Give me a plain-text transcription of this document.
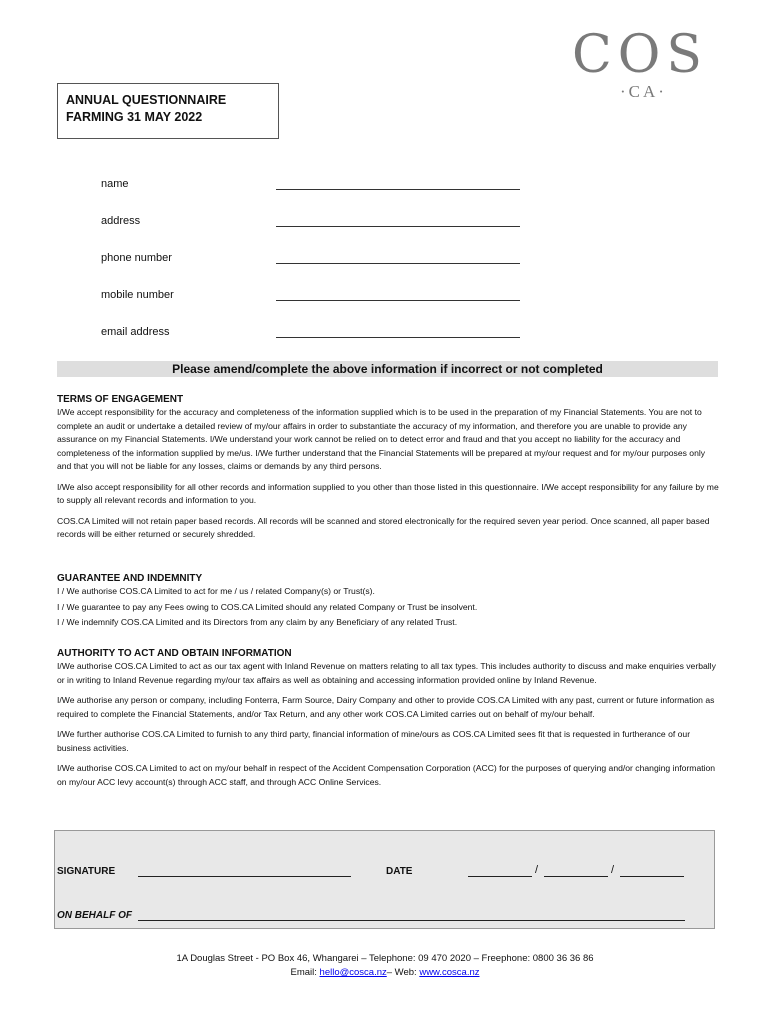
ANNUAL QUESTIONNAIRE
FARMING 31 MAY 2022
COS
·CA·
name
address
phone number
mobile number
email address
Please amend/complete the above information if incorrect or not completed
TERMS OF ENGAGEMENT

I/We accept responsibility for the accuracy and completeness of the information supplied which is to be used in the preparation of my Financial Statements. You are not to complete an audit or undertake a detailed review of my/our affairs in order to substantiate the accuracy of my information, and therefore you are unable to provide any assurance on my Financial Statements. I/We understand your work cannot be relied on to detect error and fraud and that you accept no liability for the accuracy and completeness of the information supplied by me/us. I/We further understand that the Financial Statements will be prepared at my/our request and for my/our purposes only and that you will not be liable for any losses, claims or demands by any third persons.

I/We also accept responsibility for all other records and information supplied to you other than those listed in this questionnaire. I/We accept responsibility for any failure by me to supply all relevant records and information to you.

COS.CA Limited will not retain paper based records. All records will be scanned and stored electronically for the required seven year period. Once scanned, all paper based records will be either returned or securely shredded.

GUARANTEE AND INDEMNITY
I / We authorise COS.CA Limited to act for me / us / related Company(s) or Trust(s).
I / We guarantee to pay any Fees owing to COS.CA Limited should any related Company or Trust be insolvent.
I / We indemnify COS.CA Limited and its Directors from any claim by any Beneficiary of any related Trust.
AUTHORITY TO ACT AND OBTAIN INFORMATION

I/We authorise COS.CA Limited to act as our tax agent with Inland Revenue on matters relating to all tax types. This includes authority to discuss and make enquiries verbally or in writing to Inland Revenue regarding my/our tax affairs as well as obtaining and accessing information provided online by Inland Revenue.

I/We authorise any person or company, including Fonterra, Farm Source, Dairy Company and other to provide COS.CA Limited with any past, current or future information as required to complete the Financial Statements, and/or Tax Return, and any other work COS.CA Limited carries out on behalf of my/our behalf.

I/We further authorise COS.CA Limited to furnish to any third party, financial information of mine/ours as COS.CA Limited sees fit that is requested in furtherance of our business activities.

I/We authorise COS.CA Limited to act on my/our behalf in respect of the Accident Compensation Corporation (ACC) for the purposes of querying and/or changing information on my/our ACC levy account(s) through ACC staff, and through ACC Online Services.

SIGNATURE	DATE	/	/
ON BEHALF OF
1A Douglas Street - PO Box 46, Whangarei – Telephone: 09 470 2020 – Freephone: 0800 36 36 86
Email: hello@cosca.nz– Web: www.cosca.nz
